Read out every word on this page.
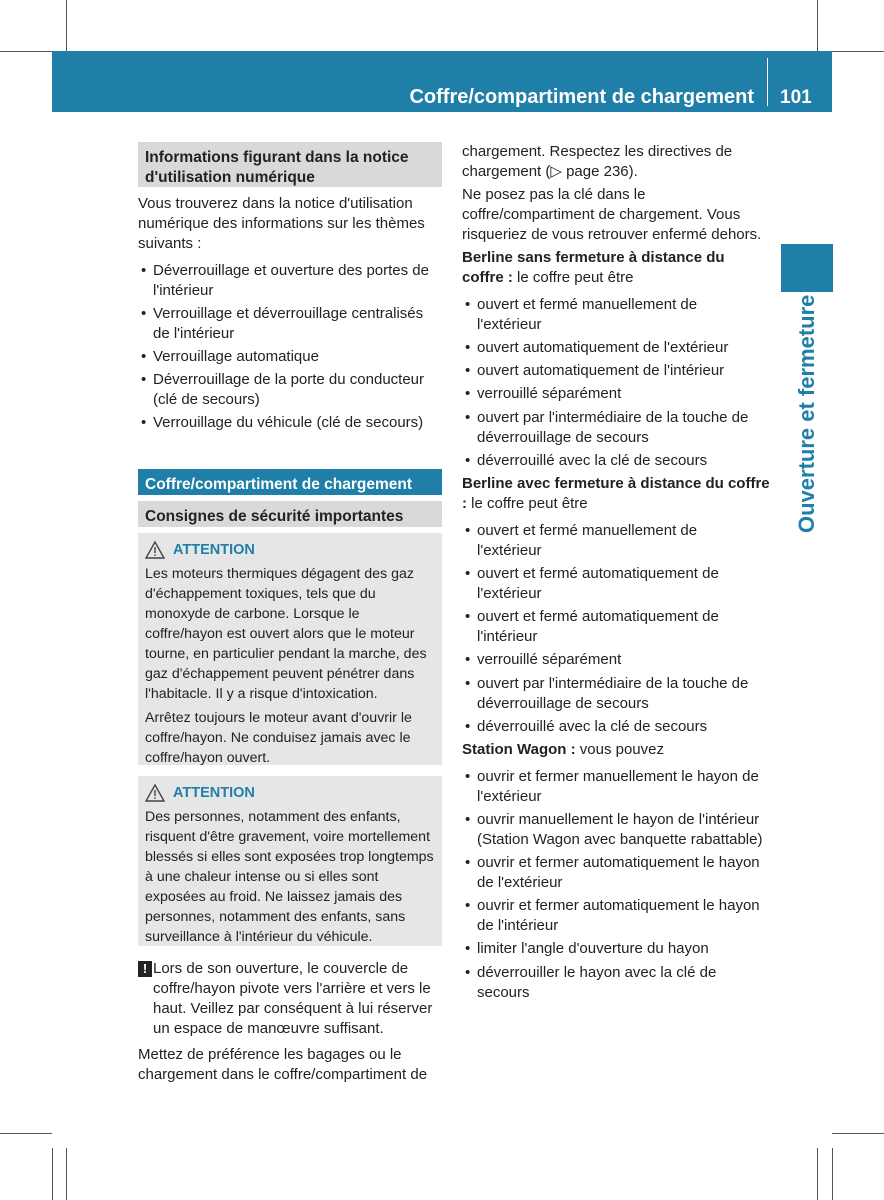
Coffre/compartiment de chargement 101
Ouverture et fermeture
Informations figurant dans la notice d'utilisation numérique
Vous trouverez dans la notice d'utilisation numérique des informations sur les thèmes suivants :
• Déverrouillage et ouverture des portes de l'intérieur
• Verrouillage et déverrouillage centralisés de l'intérieur
• Verrouillage automatique
• Déverrouillage de la porte du conducteur (clé de secours)
• Verrouillage du véhicule (clé de secours)
Coffre/compartiment de chargement
Consignes de sécurité importantes
ATTENTION

Les moteurs thermiques dégagent des gaz d'échappement toxiques, tels que du monoxyde de carbone. Lorsque le coffre/hayon est ouvert alors que le moteur tourne, en particulier pendant la marche, des gaz d'échappement peuvent pénétrer dans l'habitacle. Il y a risque d'intoxication.

Arrêtez toujours le moteur avant d'ouvrir le coffre/hayon. Ne conduisez jamais avec le coffre/hayon ouvert.

ATTENTION

Des personnes, notamment des enfants, risquent d'être gravement, voire mortellement blessés si elles sont exposées trop longtemps à une chaleur intense ou si elles sont exposées au froid. Ne laissez jamais des personnes, notamment des enfants, sans surveillance à l'intérieur du véhicule.

! Lors de son ouverture, le couvercle de coffre/hayon pivote vers l'arrière et vers le haut. Veillez par conséquent à lui réserver un espace de manœuvre suffisant.
Mettez de préférence les bagages ou le chargement dans le coffre/compartiment de
chargement. Respectez les directives de chargement (▷ page 236).
Ne posez pas la clé dans le coffre/compartiment de chargement. Vous risqueriez de vous retrouver enfermé dehors.
Berline sans fermeture à distance du coffre : le coffre peut être
• ouvert et fermé manuellement de l'extérieur
• ouvert automatiquement de l'extérieur
• ouvert automatiquement de l'intérieur
• verrouillé séparément
• ouvert par l'intermédiaire de la touche de déverrouillage de secours
• déverrouillé avec la clé de secours
Berline avec fermeture à distance du coffre : le coffre peut être
• ouvert et fermé manuellement de l'extérieur
• ouvert et fermé automatiquement de l'extérieur
• ouvert et fermé automatiquement de l'intérieur
• verrouillé séparément
• ouvert par l'intermédiaire de la touche de déverrouillage de secours
• déverrouillé avec la clé de secours
Station Wagon : vous pouvez
• ouvrir et fermer manuellement le hayon de l'extérieur
• ouvrir manuellement le hayon de l'intérieur (Station Wagon avec banquette rabattable)
• ouvrir et fermer automatiquement le hayon de l'extérieur
• ouvrir et fermer automatiquement le hayon de l'intérieur
• limiter l'angle d'ouverture du hayon
• déverrouiller le hayon avec la clé de secours
